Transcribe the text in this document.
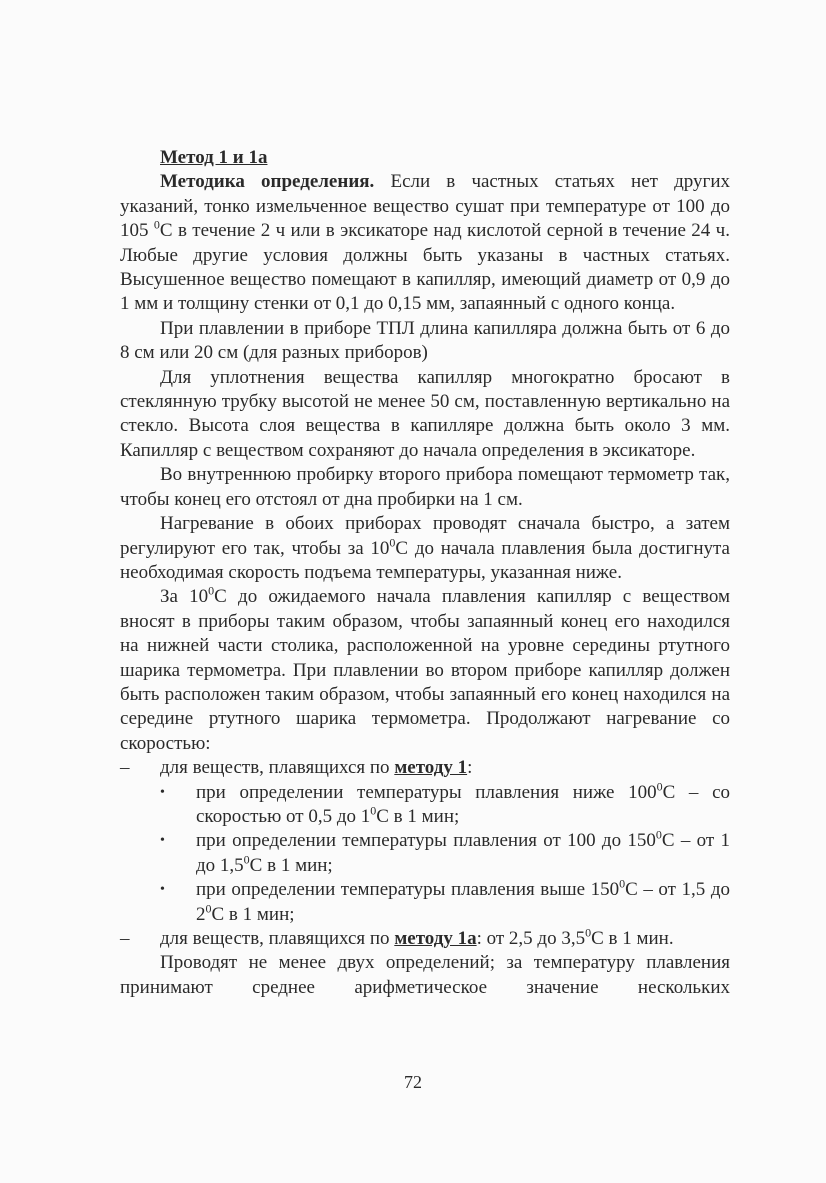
Метод 1 и 1а

Методика определения. Если в частных статьях нет других указаний, тонко измельченное вещество сушат при температуре от 100 до 105 $^0$С в течение 2 ч или в эксикаторе над кислотой серной в течение 24 ч. Любые другие условия должны быть указаны в частных статьях. Высушенное вещество помещают в капилляр, имеющий диаметр от 0,9 до 1 мм и толщину стенки от 0,1 до 0,15 мм, запаянный с одного конца.

При плавлении в приборе ТПЛ длина капилляра должна быть от 6 до 8 см или 20 см (для разных приборов)

Для уплотнения вещества капилляр многократно бросают в стеклянную трубку высотой не менее 50 см, поставленную вертикально на стекло. Высота слоя вещества в капилляре должна быть около 3 мм. Капилляр с веществом сохраняют до начала определения в эксикаторе.

Во внутреннюю пробирку второго прибора помещают термометр так, чтобы конец его отстоял от дна пробирки на 1 см.

Нагревание в обоих приборах проводят сначала быстро, а затем регулируют его так, чтобы за $10^0С$ до начала плавления была достигнута необходимая скорость подъема температуры, указанная ниже.

За $10^0С$ до ожидаемого начала плавления капилляр с веществом вносят в приборы таким образом, чтобы запаянный конец его находился на нижней части столика, расположенной на уровне середины ртутного шарика термометра. При плавлении во втором приборе капилляр должен быть расположен таким образом, чтобы запаянный его конец находился на середине ртутного шарика термометра. Продолжают нагревание со скоростью:

– для веществ, плавящихся по методу 1:
• при определении температуры плавления ниже $100^0С$ – со скоростью от 0,5 до $1^0С$ в 1 мин;
• при определении температуры плавления от 100 до $150^0С$ – от 1 до $1,5^0С$ в 1 мин;
• при определении температуры плавления выше $150^0С$ – от 1,5 до $2^0С$ в 1 мин;
– для веществ, плавящихся по методу 1а: от 2,5 до $3,5^0С$ в 1 мин.

Проводят не менее двух определений; за температуру плавления принимают среднее арифметическое значение нескольких

72
